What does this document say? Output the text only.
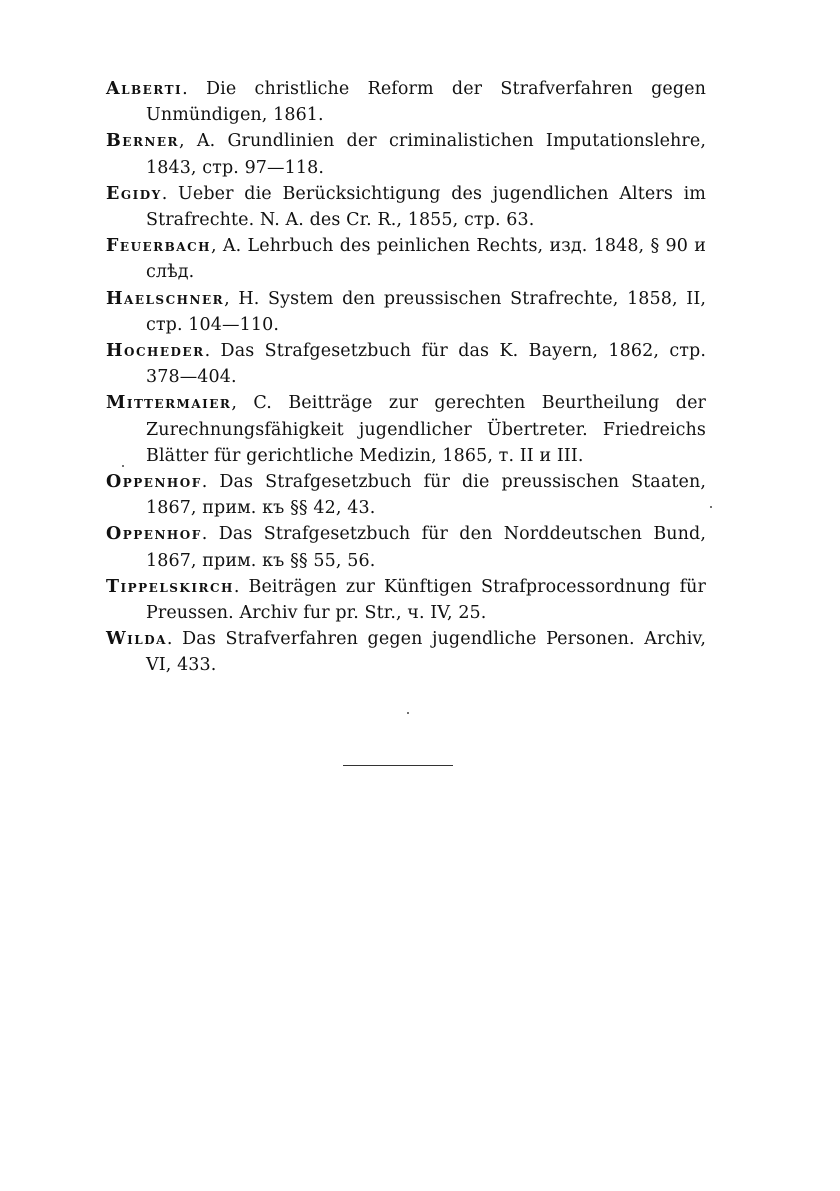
Alberti. Die christliche Reform der Strafverfahren gegen Unmündigen, 1861.
Berner, A. Grundlinien der criminalistichen Imputationslehre, 1843, стр. 97—118.
Egidy. Ueber die Berücksichtigung des jugendlichen Alters im Strafrechte. N. A. des Cr. R., 1855, стр. 63.
Feuerbach, A. Lehrbuch des peinlichen Rechts, изд. 1848, § 90 и слѣд.
Haelschner, H. System den preussischen Strafrechte, 1858, II, стр. 104—110.
Hocheder. Das Strafgesetzbuch für das K. Bayern, 1862, стр. 378—404.
Mittermaier, C. Beitträge zur gerechten Beurtheilung der Zurechnungsfähigkeit jugendlicher Übertreter. Friedreichs Blätter für gerichtliche Medizin, 1865, т. II и III.
Oppenhof. Das Strafgesetzbuch für die preussischen Staaten, 1867, прим. къ §§ 42, 43.
Oppenhof. Das Strafgesetzbuch für den Norddeutschen Bund, 1867, прим. къ §§ 55, 56.
Tippelskirch. Beiträgen zur Künftigen Strafprocessordnung für Preussen. Archiv fur pr. Str., ч. IV, 25.
Wilda. Das Strafverfahren gegen jugendliche Personen. Archiv, VI, 433.
